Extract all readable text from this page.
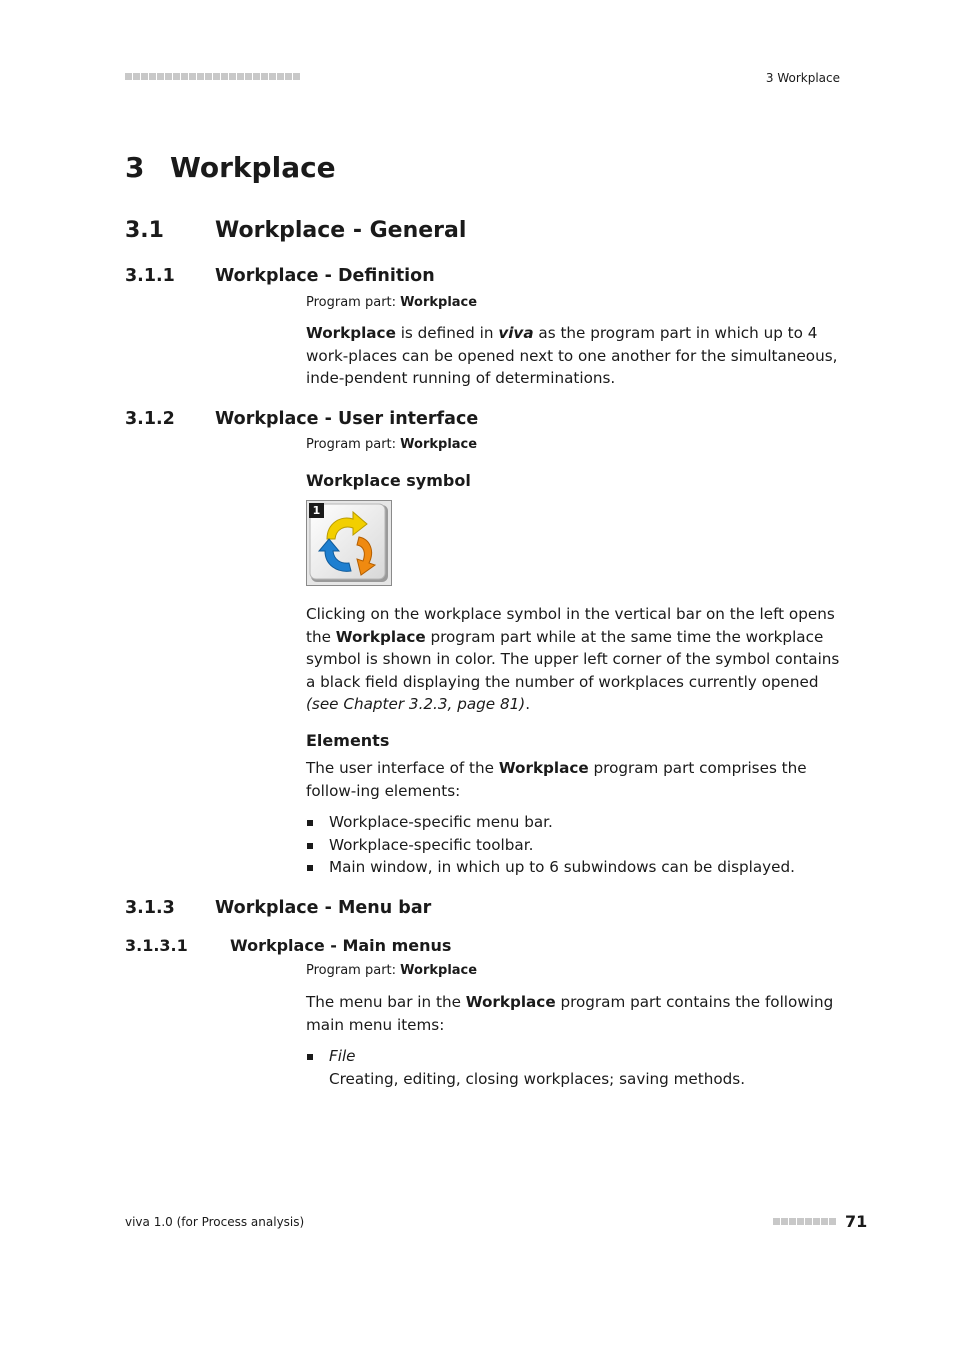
3 Workplace
3 Workplace
3.1 Workplace - General
3.1.1 Workplace - Definition
Program part: Workplace
Workplace is defined in viva as the program part in which up to 4 work-places can be opened next to one another for the simultaneous, inde-pendent running of determinations.
3.1.2 Workplace - User interface
Program part: Workplace
Workplace symbol
1
Clicking on the workplace symbol in the vertical bar on the left opens the Workplace program part while at the same time the workplace symbol is shown in color. The upper left corner of the symbol contains a black field displaying the number of workplaces currently opened (see Chapter 3.2.3, page 81).
Elements
The user interface of the Workplace program part comprises the follow-ing elements:
Workplace-specific menu bar.
Workplace-specific toolbar.
Main window, in which up to 6 subwindows can be displayed.
3.1.3 Workplace - Menu bar
3.1.3.1	Workplace - Main menus
Program part: Workplace
The menu bar in the Workplace program part contains the following main menu items:
File
Creating, editing, closing workplaces; saving methods.
viva 1.0 (for Process analysis)	71
